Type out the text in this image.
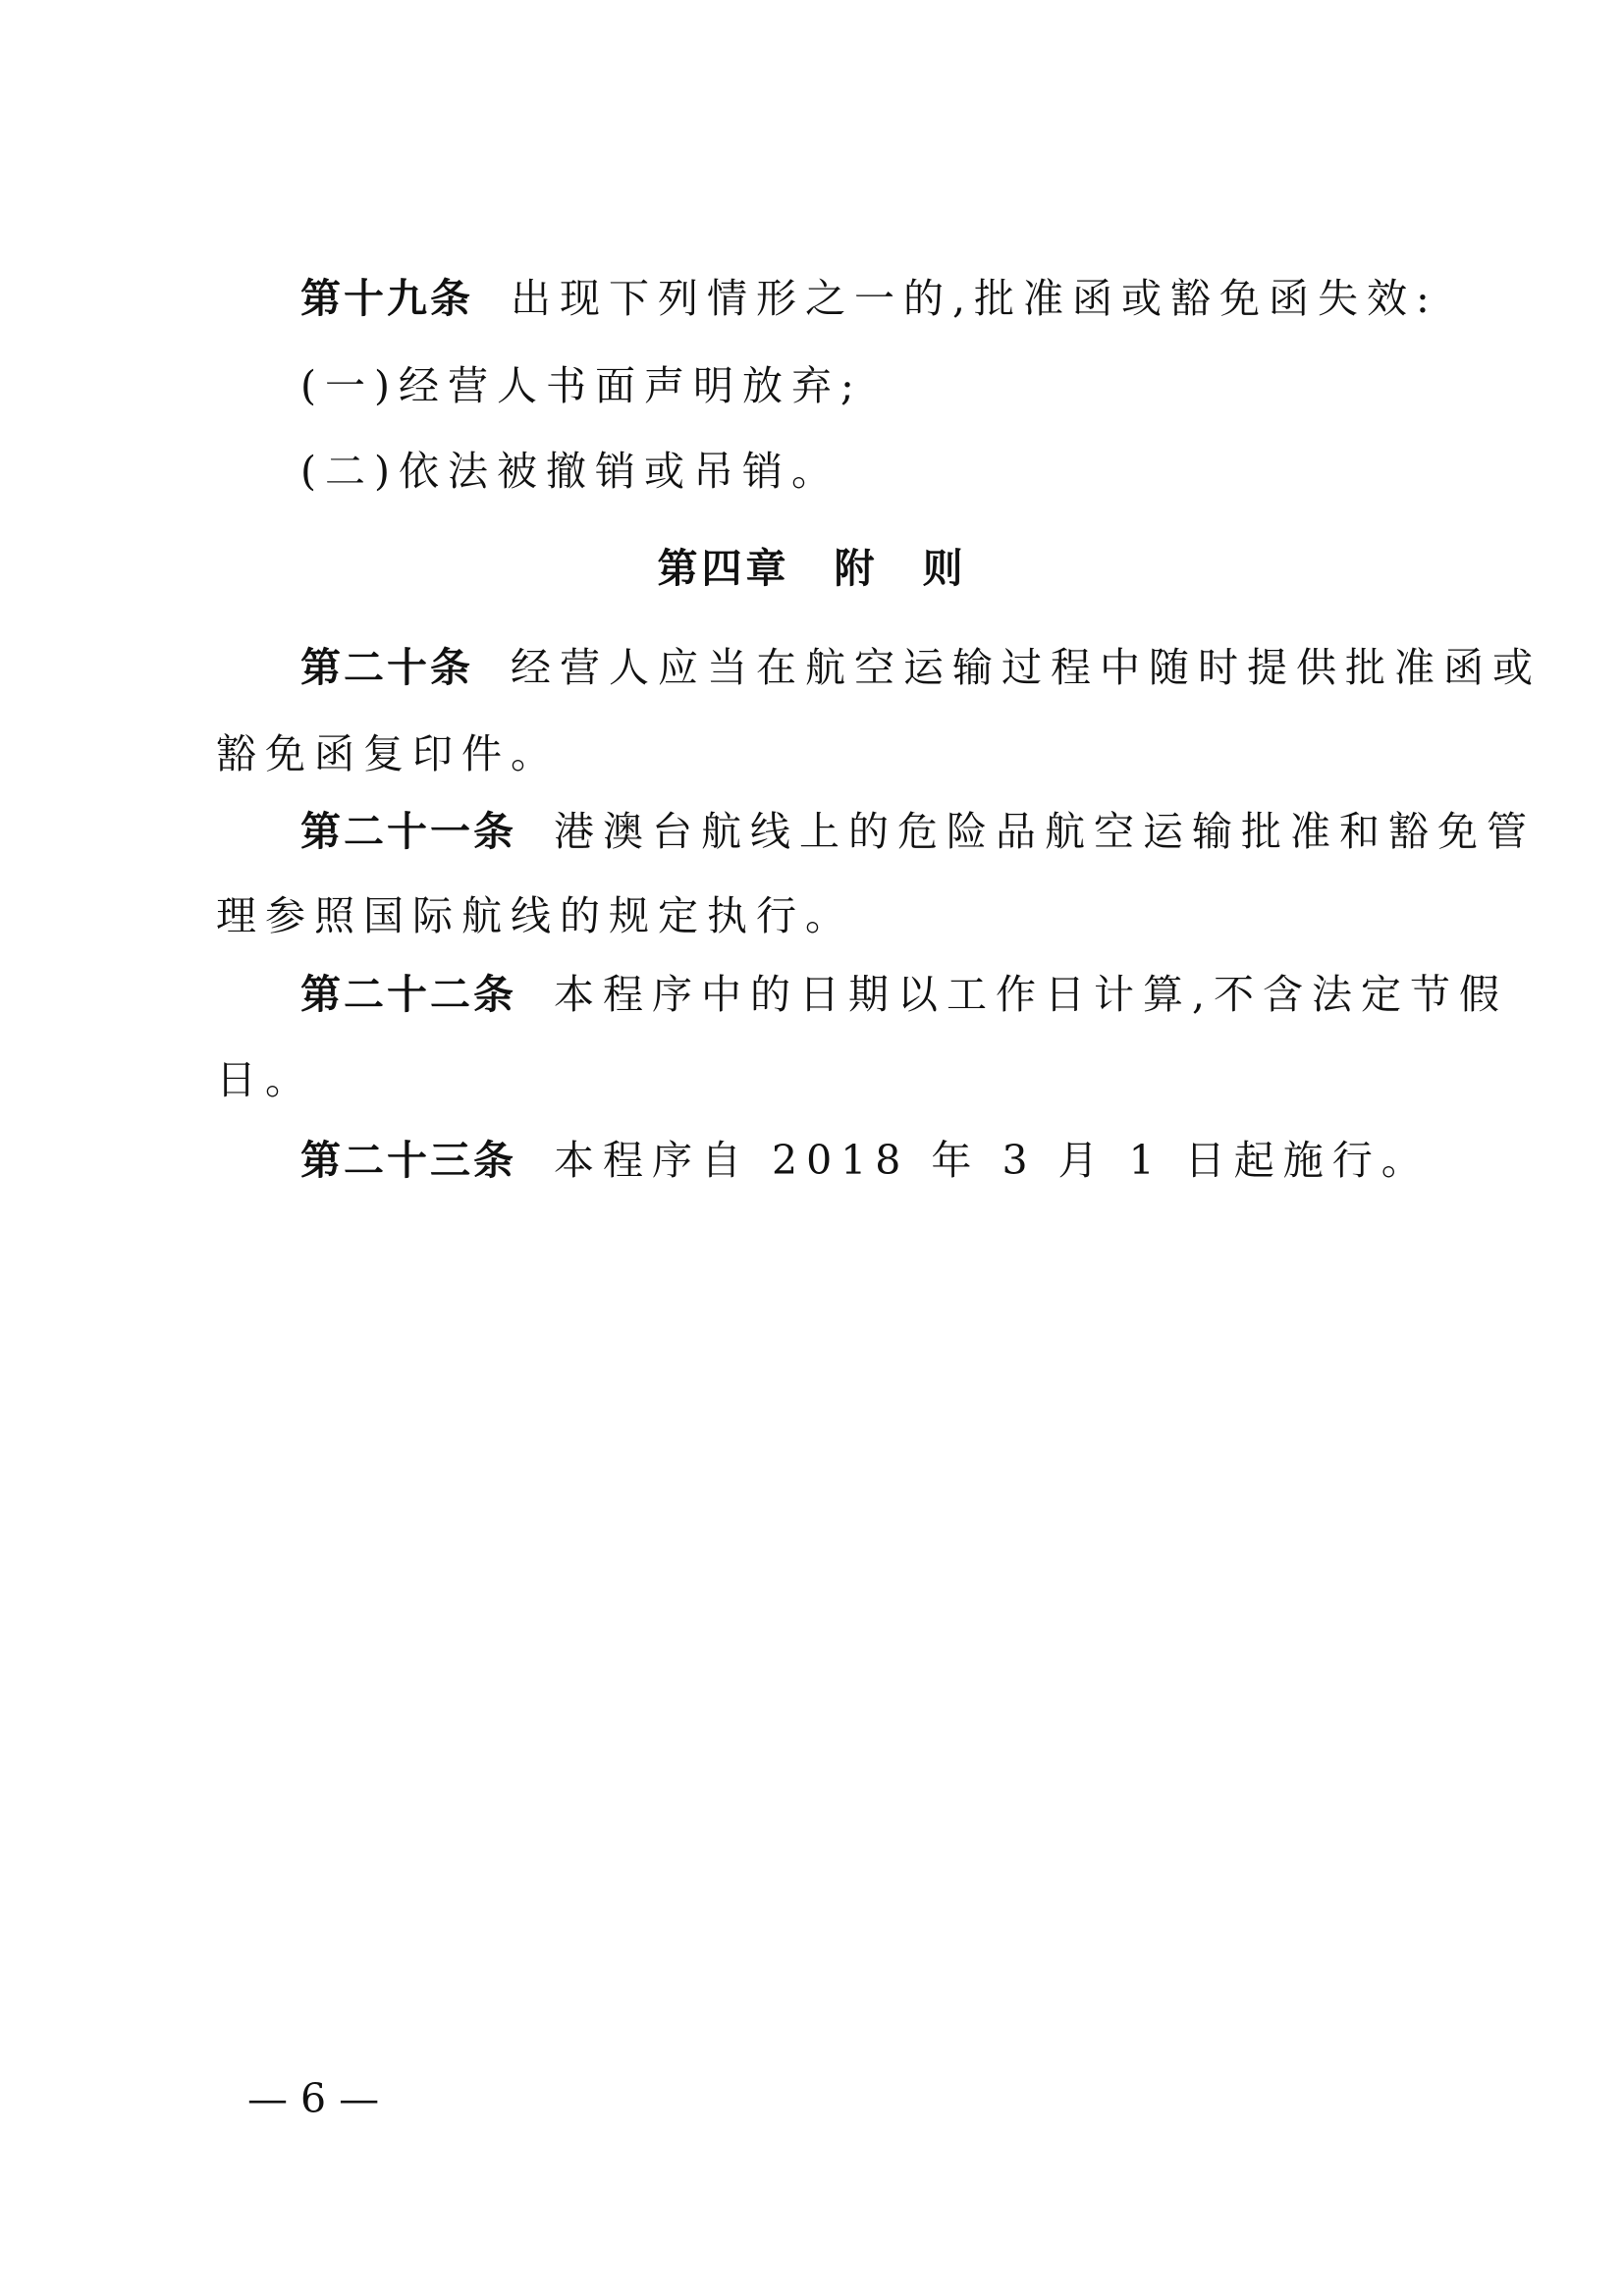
第十九条 出现下列情形之一的,批准函或豁免函失效:
(一)经营人书面声明放弃;
(二)依法被撤销或吊销。
第四章　附　则
第二十条 经营人应当在航空运输过程中随时提供批准函或
豁免函复印件。
第二十一条 港澳台航线上的危险品航空运输批准和豁免管
理参照国际航线的规定执行。
第二十二条 本程序中的日期以工作日计算,不含法定节假
日。
第二十三条 本程序自 2018 年 3 月 1 日起施行。
— 6 —
